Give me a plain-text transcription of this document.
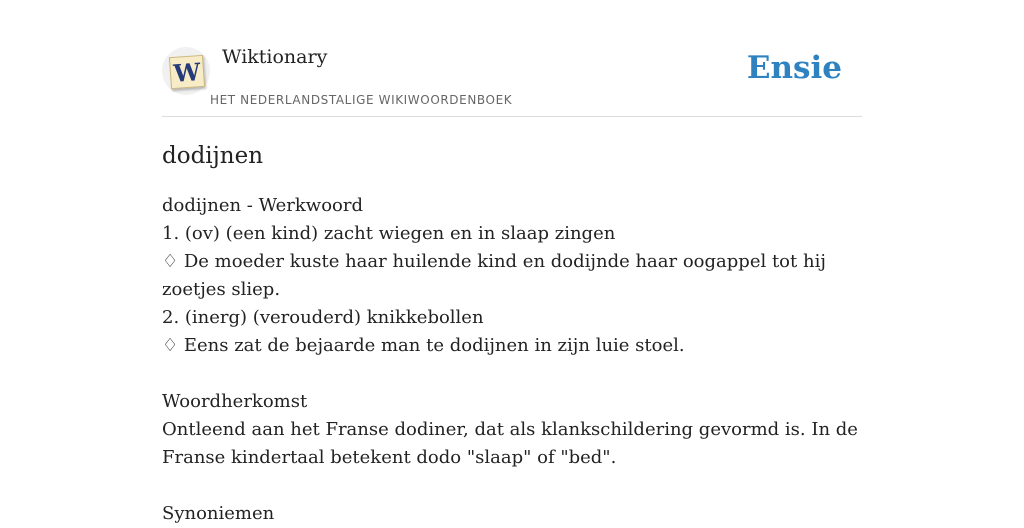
W
Wiktionary
HET NEDERLANDSTALIGE WIKIWOORDENBOEK
Ensie
dodijnen
dodijnen - Werkwoord
1. (ov) (een kind) zacht wiegen en in slaap zingen
♢ De moeder kuste haar huilende kind en dodijnde haar oogappel tot hij zoetjes sliep.
2. (inerg) (verouderd) knikkebollen
♢ Eens zat de bejaarde man te dodijnen in zijn luie stoel.
Woordherkomst
Ontleend aan het Franse dodiner, dat als klankschildering gevormd is. In de Franse kindertaal betekent dodo "slaap" of "bed".
Synoniemen
